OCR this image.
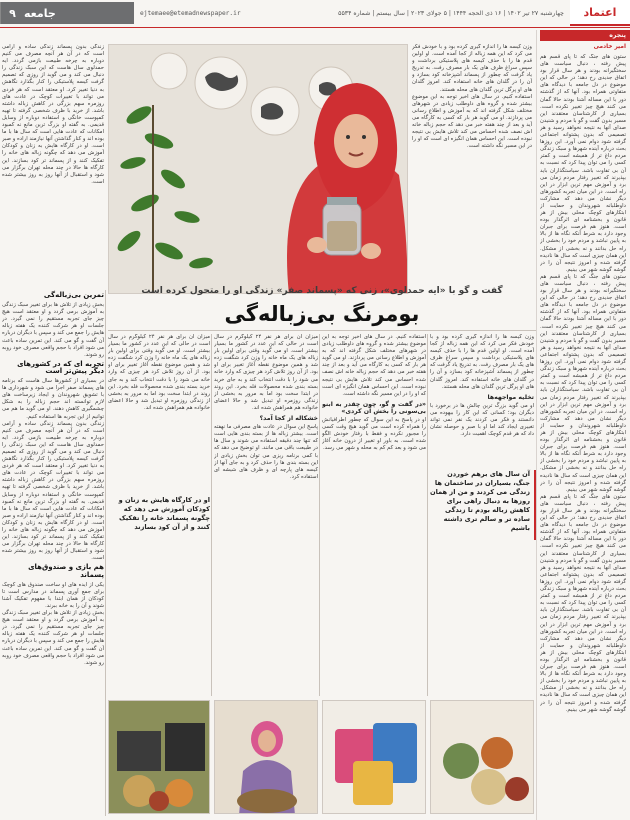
اعتماد
چهارشنبه ۲۷ تیر ۱۴۰۲ | ۱۶ ذی الحجه ۱۴۴۴ | ۵ جولای ۲۰۲۳ | سال بیستم | شماره ۵۵۳۴
ejtemaee@etemadnewspaper.ir
جامعه
۹
پنجره
امیر خادمی

ستون های جنگ که تا پای قسم هم پیش رفته ، دنبال سیاست های سختگیرانه بودند و هر سال قرار بود اتفاق جدیدی رخ دهد؛ در حالی که این موضوع در دل جامعه با دیدگاه های متفاوتی همراه بود. آنها که از گذشته دور با این مساله آشنا بودند حالا گمان می کنند هیچ چیز تغییر نکرده است. بسیاری از کارشناسان معتقدند این مسیر بدون گفت و گو با مردم و شنیدن صدای آنها به نتیجه نخواهد رسید و هر تصمیمی که بدون پشتوانه اجتماعی گرفته شود دوام نمی آورد. این روزها بحث درباره آینده شهرها و سبک زندگی مردم داغ تر از همیشه است و کمتر کسی را می توان پیدا کرد که نسبت به آن بی تفاوت باشد. سیاستگذاران باید بپذیرند که تغییر رفتار مردم زمان می برد و آموزش مهم ترین ابزار در این راه است. در این میان تجربه کشورهای دیگر نشان می دهد که مشارکت داوطلبانه شهروندان و حمایت از ابتکارهای کوچک محلی بیش از هر قانون و بخشنامه ای اثرگذار بوده است. هنوز هم فرصت برای جبران وجود دارد به شرط آنکه نگاه ها از بالا به پایین نباشد و مردم خود را بخشی از راه حل بدانند و نه بخشی از مشکل. این همان چیزی است که سال ها نادیده گرفته شده و امروز نتیجه آن را در گوشه گوشه شهر می بینیم.

ستون های جنگ که تا پای قسم هم پیش رفته ، دنبال سیاست های سختگیرانه بودند و هر سال قرار بود اتفاق جدیدی رخ دهد؛ در حالی که این موضوع در دل جامعه با دیدگاه های متفاوتی همراه بود. آنها که از گذشته دور با این مساله آشنا بودند حالا گمان می کنند هیچ چیز تغییر نکرده است. بسیاری از کارشناسان معتقدند این مسیر بدون گفت و گو با مردم و شنیدن صدای آنها به نتیجه نخواهد رسید و هر تصمیمی که بدون پشتوانه اجتماعی گرفته شود دوام نمی آورد. این روزها بحث درباره آینده شهرها و سبک زندگی مردم داغ تر از همیشه است و کمتر کسی را می توان پیدا کرد که نسبت به آن بی تفاوت باشد. سیاستگذاران باید بپذیرند که تغییر رفتار مردم زمان می برد و آموزش مهم ترین ابزار در این راه است. در این میان تجربه کشورهای دیگر نشان می دهد که مشارکت داوطلبانه شهروندان و حمایت از ابتکارهای کوچک محلی بیش از هر قانون و بخشنامه ای اثرگذار بوده است. هنوز هم فرصت برای جبران وجود دارد به شرط آنکه نگاه ها از بالا به پایین نباشد و مردم خود را بخشی از راه حل بدانند و نه بخشی از مشکل. این همان چیزی است که سال ها نادیده گرفته شده و امروز نتیجه آن را در گوشه گوشه شهر می بینیم.

ستون های جنگ که تا پای قسم هم پیش رفته ، دنبال سیاست های سختگیرانه بودند و هر سال قرار بود اتفاق جدیدی رخ دهد؛ در حالی که این موضوع در دل جامعه با دیدگاه های متفاوتی همراه بود. آنها که از گذشته دور با این مساله آشنا بودند حالا گمان می کنند هیچ چیز تغییر نکرده است. بسیاری از کارشناسان معتقدند این مسیر بدون گفت و گو با مردم و شنیدن صدای آنها به نتیجه نخواهد رسید و هر تصمیمی که بدون پشتوانه اجتماعی گرفته شود دوام نمی آورد. این روزها بحث درباره آینده شهرها و سبک زندگی مردم داغ تر از همیشه است و کمتر کسی را می توان پیدا کرد که نسبت به آن بی تفاوت باشد. سیاستگذاران باید بپذیرند که تغییر رفتار مردم زمان می برد و آموزش مهم ترین ابزار در این راه است. در این میان تجربه کشورهای دیگر نشان می دهد که مشارکت داوطلبانه شهروندان و حمایت از ابتکارهای کوچک محلی بیش از هر قانون و بخشنامه ای اثرگذار بوده است. هنوز هم فرصت برای جبران وجود دارد به شرط آنکه نگاه ها از بالا به پایین نباشد و مردم خود را بخشی از راه حل بدانند و نه بخشی از مشکل. این همان چیزی است که سال ها نادیده گرفته شده و امروز نتیجه آن را در گوشه گوشه شهر می بینیم.

زندگی بدون پسماند زندگی ساده و آرامی است که در آن هر آنچه مصرف می کنیم دوباره به چرخه طبیعت بازمی گردد. ایه حمدلوی سال هاست که این سبک زندگی را دنبال می کند و می گوید از روزی که تصمیم گرفت کیسه پلاستیکی را کنار بگذارد نگاهش به دنیا تغییر کرد. او معتقد است که هر فردی می تواند با تغییرات کوچک در عادت های روزمره سهم بزرگی در کاهش زباله داشته باشد. از خرید با ظرف شخصی گرفته تا تهیه کمپوست خانگی و استفاده دوباره از وسایل قدیمی. به گفته او بزرگ ترین مانع نه کمبود امکانات که عادت هایی است که سال ها با ما بوده اند و کنار گذاشتن آنها نیازمند اراده و صبر است. او در کارگاه هایش به زنان و کودکان آموزش می دهد که چگونه زباله های خانه را تفکیک کنند و از پسماند تر کود بسازند. این کارگاه ها حالا در چند محله تهران برگزار می شود و استقبال از آنها روز به روز بیشتر شده است.

وزن کیسه ها را اندازه گیری کرده بود و با خودش فکر می کرد که این همه زباله از کجا آمده است. او اولین قدم ها را با حذف کیسه های پلاستیکی برداشت و سپس سراغ ظرف های یک بار مصرف رفت. به تدریج یاد گرفت که چطور از پسماند آشپزخانه کود بسازد و آن را در گلدان های خانه استفاده کند. امروز گلدان های او پرگل ترین گلدان های محله هستند.

استفاده کنیم. در سال های اخیر توجه به این موضوع بیشتر شده و گروه های داوطلب زیادی در شهرهای مختلف شکل گرفته اند که به آموزش و اطلاع رسانی می پردازند. او می گوید هر بار که کسی به کارگاه می آید و بعد از چند هفته خبر می دهد که حجم زباله خانه اش نصف شده احساس می کند تلاش هایش بی نتیجه نبوده است. این احساس همان انگیزه ای است که او را در این مسیر نگه داشته است.

گفت و گو با «ایه حمدلوی»، زنی که «پسماند صفر» زندگی او را متحول کرده است
بومرنگ بی‌زباله‌گی

وزن کیسه ها را اندازه گیری کرده بود و با خودش فکر می کرد که این همه زباله از کجا آمده است. او اولین قدم ها را با حذف کیسه های پلاستیکی برداشت و سپس سراغ ظرف های یک بار مصرف رفت. به تدریج یاد گرفت که چطور از پسماند آشپزخانه کود بسازد و آن را در گلدان های خانه استفاده کند. امروز گلدان های او پرگل ترین گلدان های محله هستند.

تخلیه مواجهه‌ها

او می گوید بزرگ ترین چالش ها در برخورد با دیگران بود؛ کسانی که این کار را بیهوده می دانستند و فکر می کردند یک نفر نمی تواند تغییری ایجاد کند اما او با صبر و حوصله نشان داد که هر قدم کوچک اهمیت دارد.

آن سال های برهم خوردن جنگ، بسیاران در ساختمان ها زندگی می کردند و من از همان روزها به دنبال راهی برای کاهش زباله بودم تا زندگی ساده تر و سالم تری داشته باشیم

استفاده کنیم. در سال های اخیر توجه به این موضوع بیشتر شده و گروه های داوطلب زیادی در شهرهای مختلف شکل گرفته اند که به آموزش و اطلاع رسانی می پردازند. او می گوید هر بار که کسی به کارگاه می آید و بعد از چند هفته خبر می دهد که حجم زباله خانه اش نصف شده احساس می کند تلاش هایش بی نتیجه نبوده است. این احساس همان انگیزه ای است که او را در این مسیر نگه داشته است.

«در گفت و گو، چون چقدر به ابنو بی‌سونی را بخش آن کردی»

او در پاسخ به این سوال که چطور اطرافیانش را همراه کرده است می گوید هیچ وقت کسی را مجبور نکرده و فقط با رفتار خودش الگو شده است. به باور او تغییر از درون خانه آغاز می شود و بعد کم کم به محله و شهر می رسد.

میزان آن برای هر نفر ۲۴ کیلوگرم در سال است در حالی که این عدد در کشور ما بسیار بیشتر است. او می گوید وقتی برای اولین بار زباله های یک ماه خانه را وزن کرد شگفت زده شد و همین موضوع نقطه آغاز تغییر برای او بود. از آن روز تلاش کرد هر چیزی که وارد خانه می شود را با دقت انتخاب کند و به جای خرید بسته بندی شده محصولات فله بخرد. این روند در ابتدا سخت بود اما به مرور به بخشی از زندگی روزمره او تبدیل شد و حالا اعضای خانواده هم همراهش شده اند.

خشکاله از کجا آمد؟

پاسخ این سوال در عادت های مصرفی ما نهفته است. بیشتر زباله ها از بسته بندی هایی است که تنها چند دقیقه استفاده می شوند و سال ها در طبیعت باقی می مانند. او توضیح می دهد که با کمی برنامه ریزی می توان بخش زیادی از این بسته بندی ها را حذف کرد و به جای آنها از کیسه های پارچه ای و ظرف های شیشه ای استفاده کرد.

میزان آن برای هر نفر ۲۴ کیلوگرم در سال است در حالی که این عدد در کشور ما بسیار بیشتر است. او می گوید وقتی برای اولین بار زباله های یک ماه خانه را وزن کرد شگفت زده شد و همین موضوع نقطه آغاز تغییر برای او بود. از آن روز تلاش کرد هر چیزی که وارد خانه می شود را با دقت انتخاب کند و به جای خرید بسته بندی شده محصولات فله بخرد. این روند در ابتدا سخت بود اما به مرور به بخشی از زندگی روزمره او تبدیل شد و حالا اعضای خانواده هم همراهش شده اند.

او در کارگاه هایش به زنان و کودکان آموزش می دهد که چگونه پسماند خانه را تفکیک کنند و از آن کود بسازند
تمرین بی‌زباله‌گی

بخش زیادی از تلاش ها برای تغییر سبک زندگی به آموزش برمی گردد و او معتقد است هیچ چیز جای تجربه مستقیم را نمی گیرد. در جلسات او هر شرکت کننده یک هفته زباله هایش را جمع می کند و سپس با دیگران درباره آن گفت و گو می کند. این تمرین ساده باعث می شود افراد با حجم واقعی مصرف خود روبه رو شوند.

تجربه ای که در کشورهای دیگر پیش‌تر است

در بسیاری از کشورها سال هاست که برنامه های پسماند صفر اجرا می شود و شهرداری ها با تشویق شهروندان و ایجاد زیرساخت های لازم توانسته اند حجم زباله را به شکل چشمگیری کاهش دهند. او می گوید ما هم می توانیم از این تجربه ها استفاده کنیم.

زندگی بدون پسماند زندگی ساده و آرامی است که در آن هر آنچه مصرف می کنیم دوباره به چرخه طبیعت بازمی گردد. ایه حمدلوی سال هاست که این سبک زندگی را دنبال می کند و می گوید از روزی که تصمیم گرفت کیسه پلاستیکی را کنار بگذارد نگاهش به دنیا تغییر کرد. او معتقد است که هر فردی می تواند با تغییرات کوچک در عادت های روزمره سهم بزرگی در کاهش زباله داشته باشد. از خرید با ظرف شخصی گرفته تا تهیه کمپوست خانگی و استفاده دوباره از وسایل قدیمی. به گفته او بزرگ ترین مانع نه کمبود امکانات که عادت هایی است که سال ها با ما بوده اند و کنار گذاشتن آنها نیازمند اراده و صبر است. او در کارگاه هایش به زنان و کودکان آموزش می دهد که چگونه زباله های خانه را تفکیک کنند و از پسماند تر کود بسازند. این کارگاه ها حالا در چند محله تهران برگزار می شود و استقبال از آنها روز به روز بیشتر شده است.

هم بازی و صندوق‌های پسماند

یکی از ایده های او ساخت صندوق های کوچک برای جمع آوری پسماند در مدارس است تا کودکان از همان ابتدا با مفهوم تفکیک آشنا شوند و آن را به خانه ببرند.

بخش زیادی از تلاش ها برای تغییر سبک زندگی به آموزش برمی گردد و او معتقد است هیچ چیز جای تجربه مستقیم را نمی گیرد. در جلسات او هر شرکت کننده یک هفته زباله هایش را جمع می کند و سپس با دیگران درباره آن گفت و گو می کند. این تمرین ساده باعث می شود افراد با حجم واقعی مصرف خود روبه رو شوند.
